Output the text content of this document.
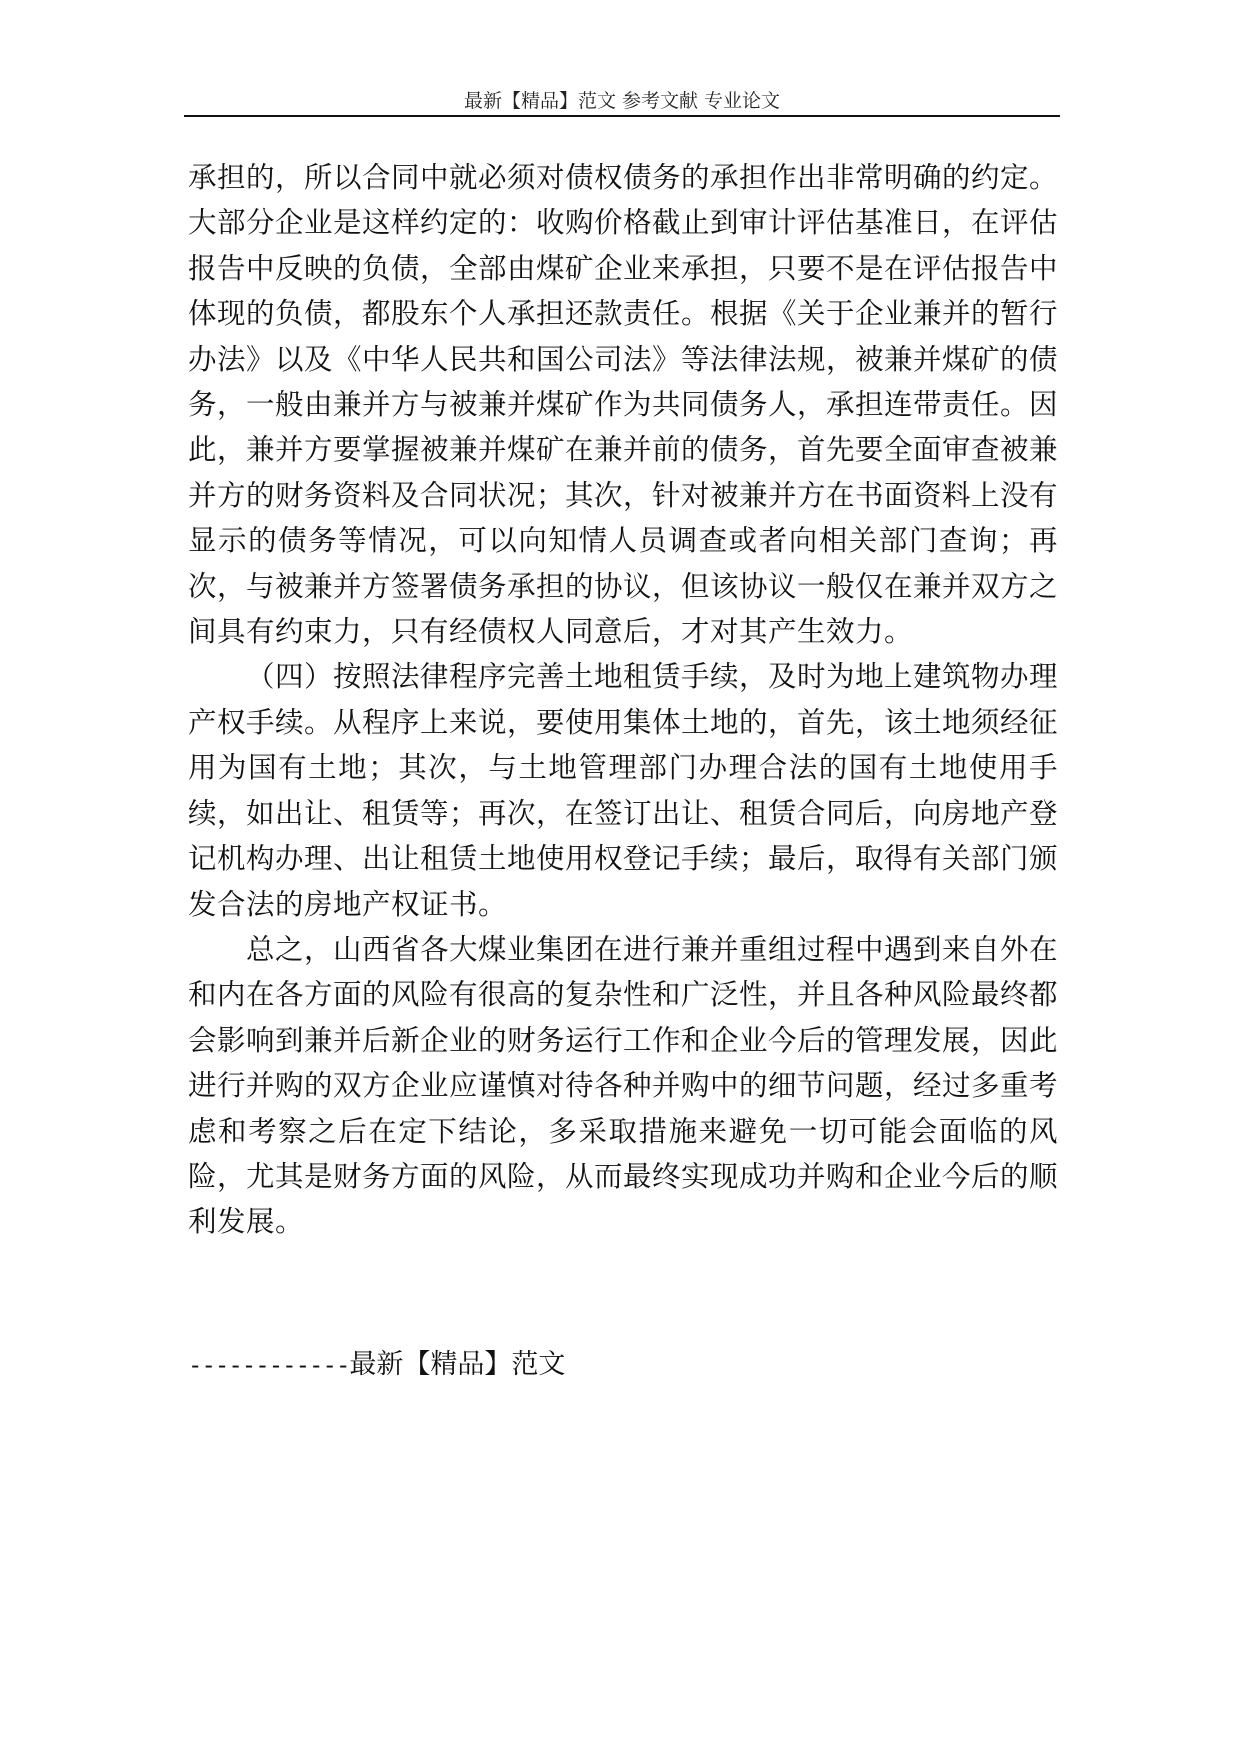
最新【精品】范文 参考文献 专业论文

承担的，所以合同中就必须对债权债务的承担作出非常明确的约定。大部分企业是这样约定的：收购价格截止到审计评估基准日，在评估报告中反映的负债，全部由煤矿企业来承担，只要不是在评估报告中体现的负债，都股东个人承担还款责任。根据《关于企业兼并的暂行办法》以及《中华人民共和国公司法》等法律法规，被兼并煤矿的债务，一般由兼并方与被兼并煤矿作为共同债务人，承担连带责任。因此，兼并方要掌握被兼并煤矿在兼并前的债务，首先要全面审查被兼并方的财务资料及合同状况；其次，针对被兼并方在书面资料上没有显示的债务等情况，可以向知情人员调查或者向相关部门查询；再次，与被兼并方签署债务承担的协议，但该协议一般仅在兼并双方之间具有约束力，只有经债权人同意后，才对其产生效力。

（四）按照法律程序完善土地租赁手续，及时为地上建筑物办理产权手续。从程序上来说，要使用集体土地的，首先，该土地须经征用为国有土地；其次，与土地管理部门办理合法的国有土地使用手续，如出让、租赁等；再次，在签订出让、租赁合同后，向房地产登记机构办理、出让租赁土地使用权登记手续；最后，取得有关部门颁发合法的房地产权证书。

总之，山西省各大煤业集团在进行兼并重组过程中遇到来自外在和内在各方面的风险有很高的复杂性和广泛性，并且各种风险最终都会影响到兼并后新企业的财务运行工作和企业今后的管理发展，因此进行并购的双方企业应谨慎对待各种并购中的细节问题，经过多重考虑和考察之后在定下结论，多采取措施来避免一切可能会面临的风险，尤其是财务方面的风险，从而最终实现成功并购和企业今后的顺利发展。

------------最新【精品】范文
